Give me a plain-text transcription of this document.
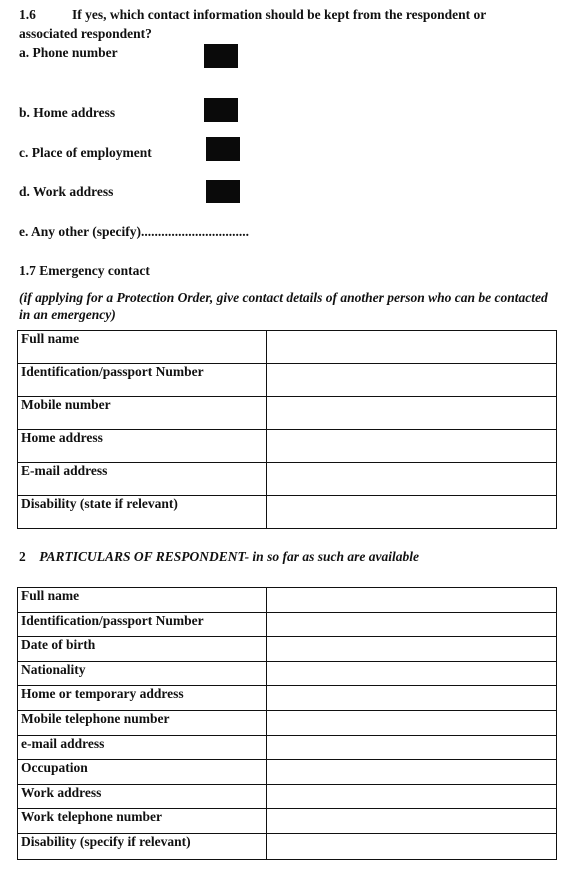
1.6	If yes, which contact information should be kept from the respondent or
associated respondent?
a. Phone number
b. Home address
c. Place of employment
d. Work address
e. Any other (specify)................................
1.7 Emergency contact
(if applying for a Protection Order, give contact details of another person who can be contacted in an emergency)
Full name	
Identification/passport Number	
Mobile number	
Home address	
E-mail address	
Disability (state if relevant)	
2 PARTICULARS OF RESPONDENT- in so far as such are available
Full name	
Identification/passport Number	
Date of birth	
Nationality	
Home or temporary address	
Mobile telephone number	
e-mail address	
Occupation	
Work address	
Work telephone number	
Disability (specify if relevant)	
